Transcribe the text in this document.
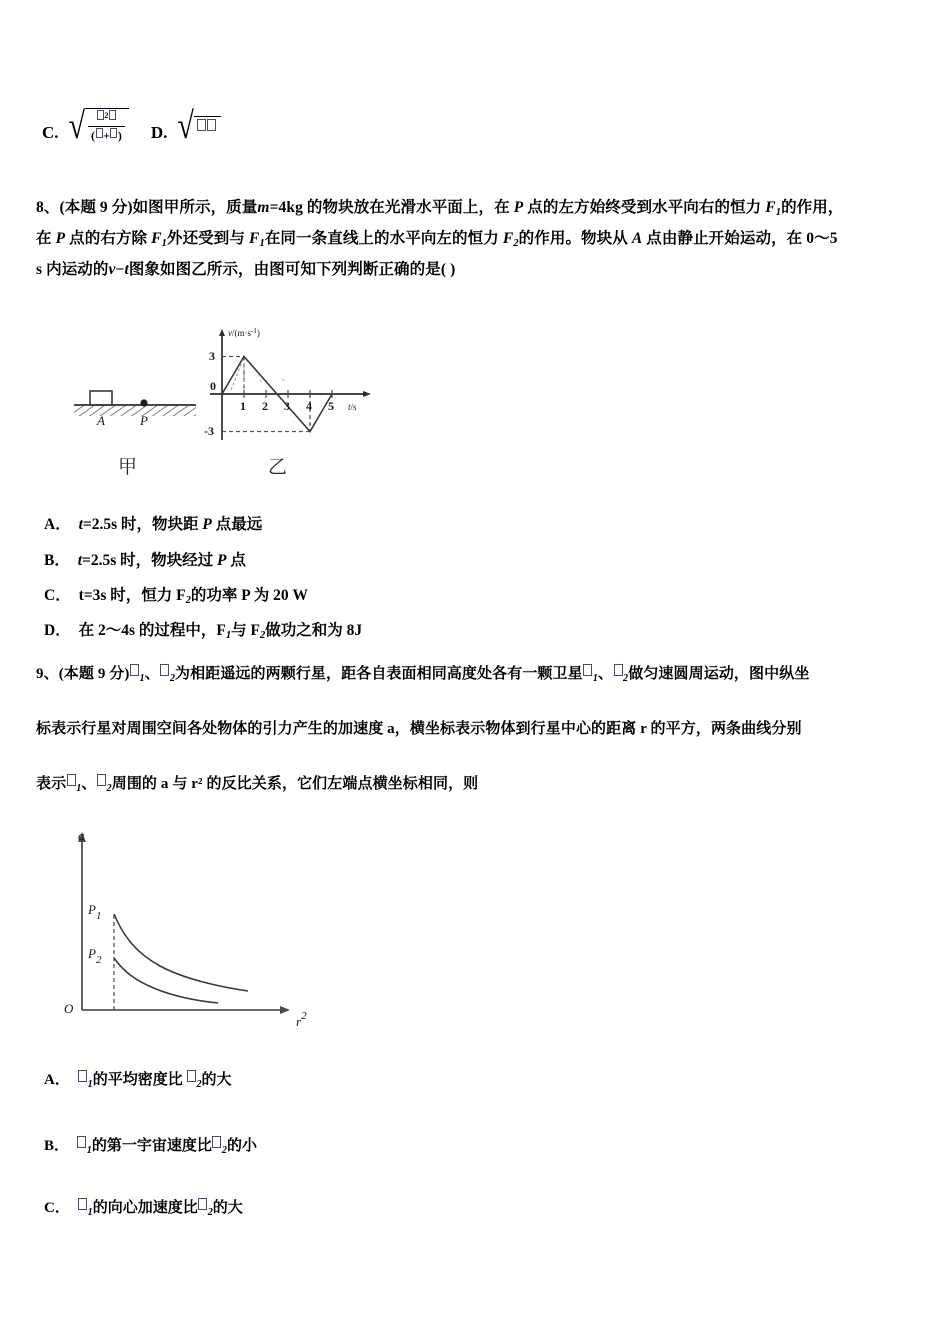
C. √ $\frac{^2}{( + )} D$. √
8、(本题 9 分)如图甲所示，质量m=4kg 的物块放在光滑水平面上，在 P 点的左方始终受到水平向右的恒力 $F_1$的作用，
在 P 点的右方除 $F_1$外还受到与 $F_1$在同一条直线上的水平向左的恒力 $F_2$的作用。物块从 A 点由静止开始运动，在 0～5
s 内运动的v−t图象如图乙所示，由图可知下列判断正确的是( )
A	P
甲
3
-3
0
1 2 3 4 5
$v/(m\cdot s^{-1})$
t/s
乙
A． t=2.5s 时，物块距 P 点最远
B． t=2.5s 时，物块经过 P 点
C． t=3s 时，恒力 $F_2$的功率 P 为 20 W
D． 在 2～4s 的过程中，$F_1$与 $F_2$做功之和为 8J
9、(本题 9 分) $_1$、 $_2$为相距遥远的两颗行星，距各自表面相同高度处各有一颗卫星 $_1$、 $_2$做匀速圆周运动，图中纵坐
标表示行星对周围空间各处物体的引力产生的加速度 a，横坐标表示物体到行星中心的距离 r 的平方，两条曲线分别
表示 $_1$、 $_2$周围的 a 与 r² 的反比关系，它们左端点横坐标相同，则
a
$r^2$
O
$P_1$
$P_2$
A． $_1$的平均密度比 $_2$的大
B． $_1$的第一宇宙速度比 $_2$的小
C． $_1$的向心加速度比 $_2$的大
